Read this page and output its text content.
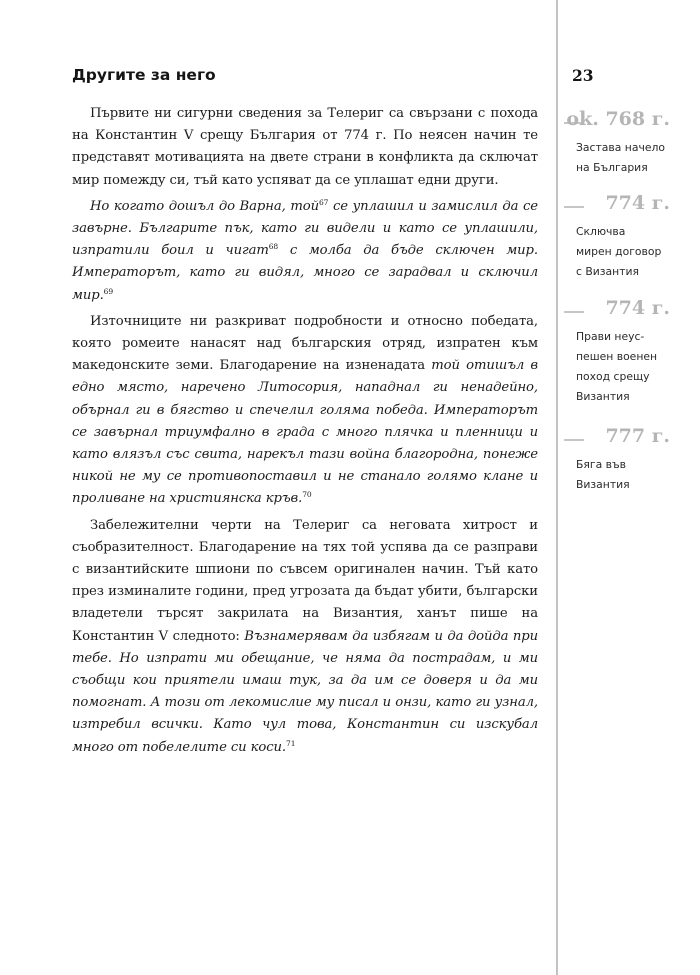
Другите за него	23

Първите ни сигурни сведения за Телериг са свързани с похода на Константин V срещу България от 774 г. По неясен начин те представят мотивацията на двете страни в конфликта да сключат мир помежду си, тъй като успяват да се уплашат едни други.

Но когато дошъл до Варна, той$^{67}$ се уплашил и замислил да се завърне. Българите пък, като ги видели и като се уплашили, изпратили боил и чигат$^{68}$ с молба да бъде сключен мир. Императорът, като ги видял, много се зарадвал и сключил мир.$^{69}$

Източниците ни разкриват подробности и относно победата, която ромеите нанасят над българския отряд, изпратен към македонските земи. Благодарение на изненадата той отишъл в едно място, наречено Литосория, нападнал ги ненадейно, обърнал ги в бягство и спечелил голяма победа. Императорът се завърнал триумфално в града с много плячка и пленници и като влязъл със свита, нарекъл тази война благородна, понеже никой не му се противопоставил и не станало голямо клане и проливане на християнска кръв.$^{70}$

Забележителни черти на Телериг са неговата хитрост и съобразителност. Благодарение на тях той успява да се разправи с византийските шпиони по съвсем оригинален начин. Тъй като през изминалите години, пред угрозата да бъдат убити, български владетели търсят закрилата на Византия, ханът пише на Константин V следното: Възнамерявам да избягам и да дойда при тебе. Но изпрати ми обещание, че няма да пострадам, и ми съобщи кои приятели имаш тук, за да им се доверя и да ми помогнат. А този от лекомислие му писал и онзи, като ги узнал, изтребил всички. Като чул това, Константин си изскубал много от побелелите си коси.$^{71}$

ok. 768 г.
Застава начело
на България
774 г.
Сключва
мирен договор
с Византия
774 г.
Прави неус-
пешен военен
поход срещу
Византия
777 г.
Бяга във
Византия
